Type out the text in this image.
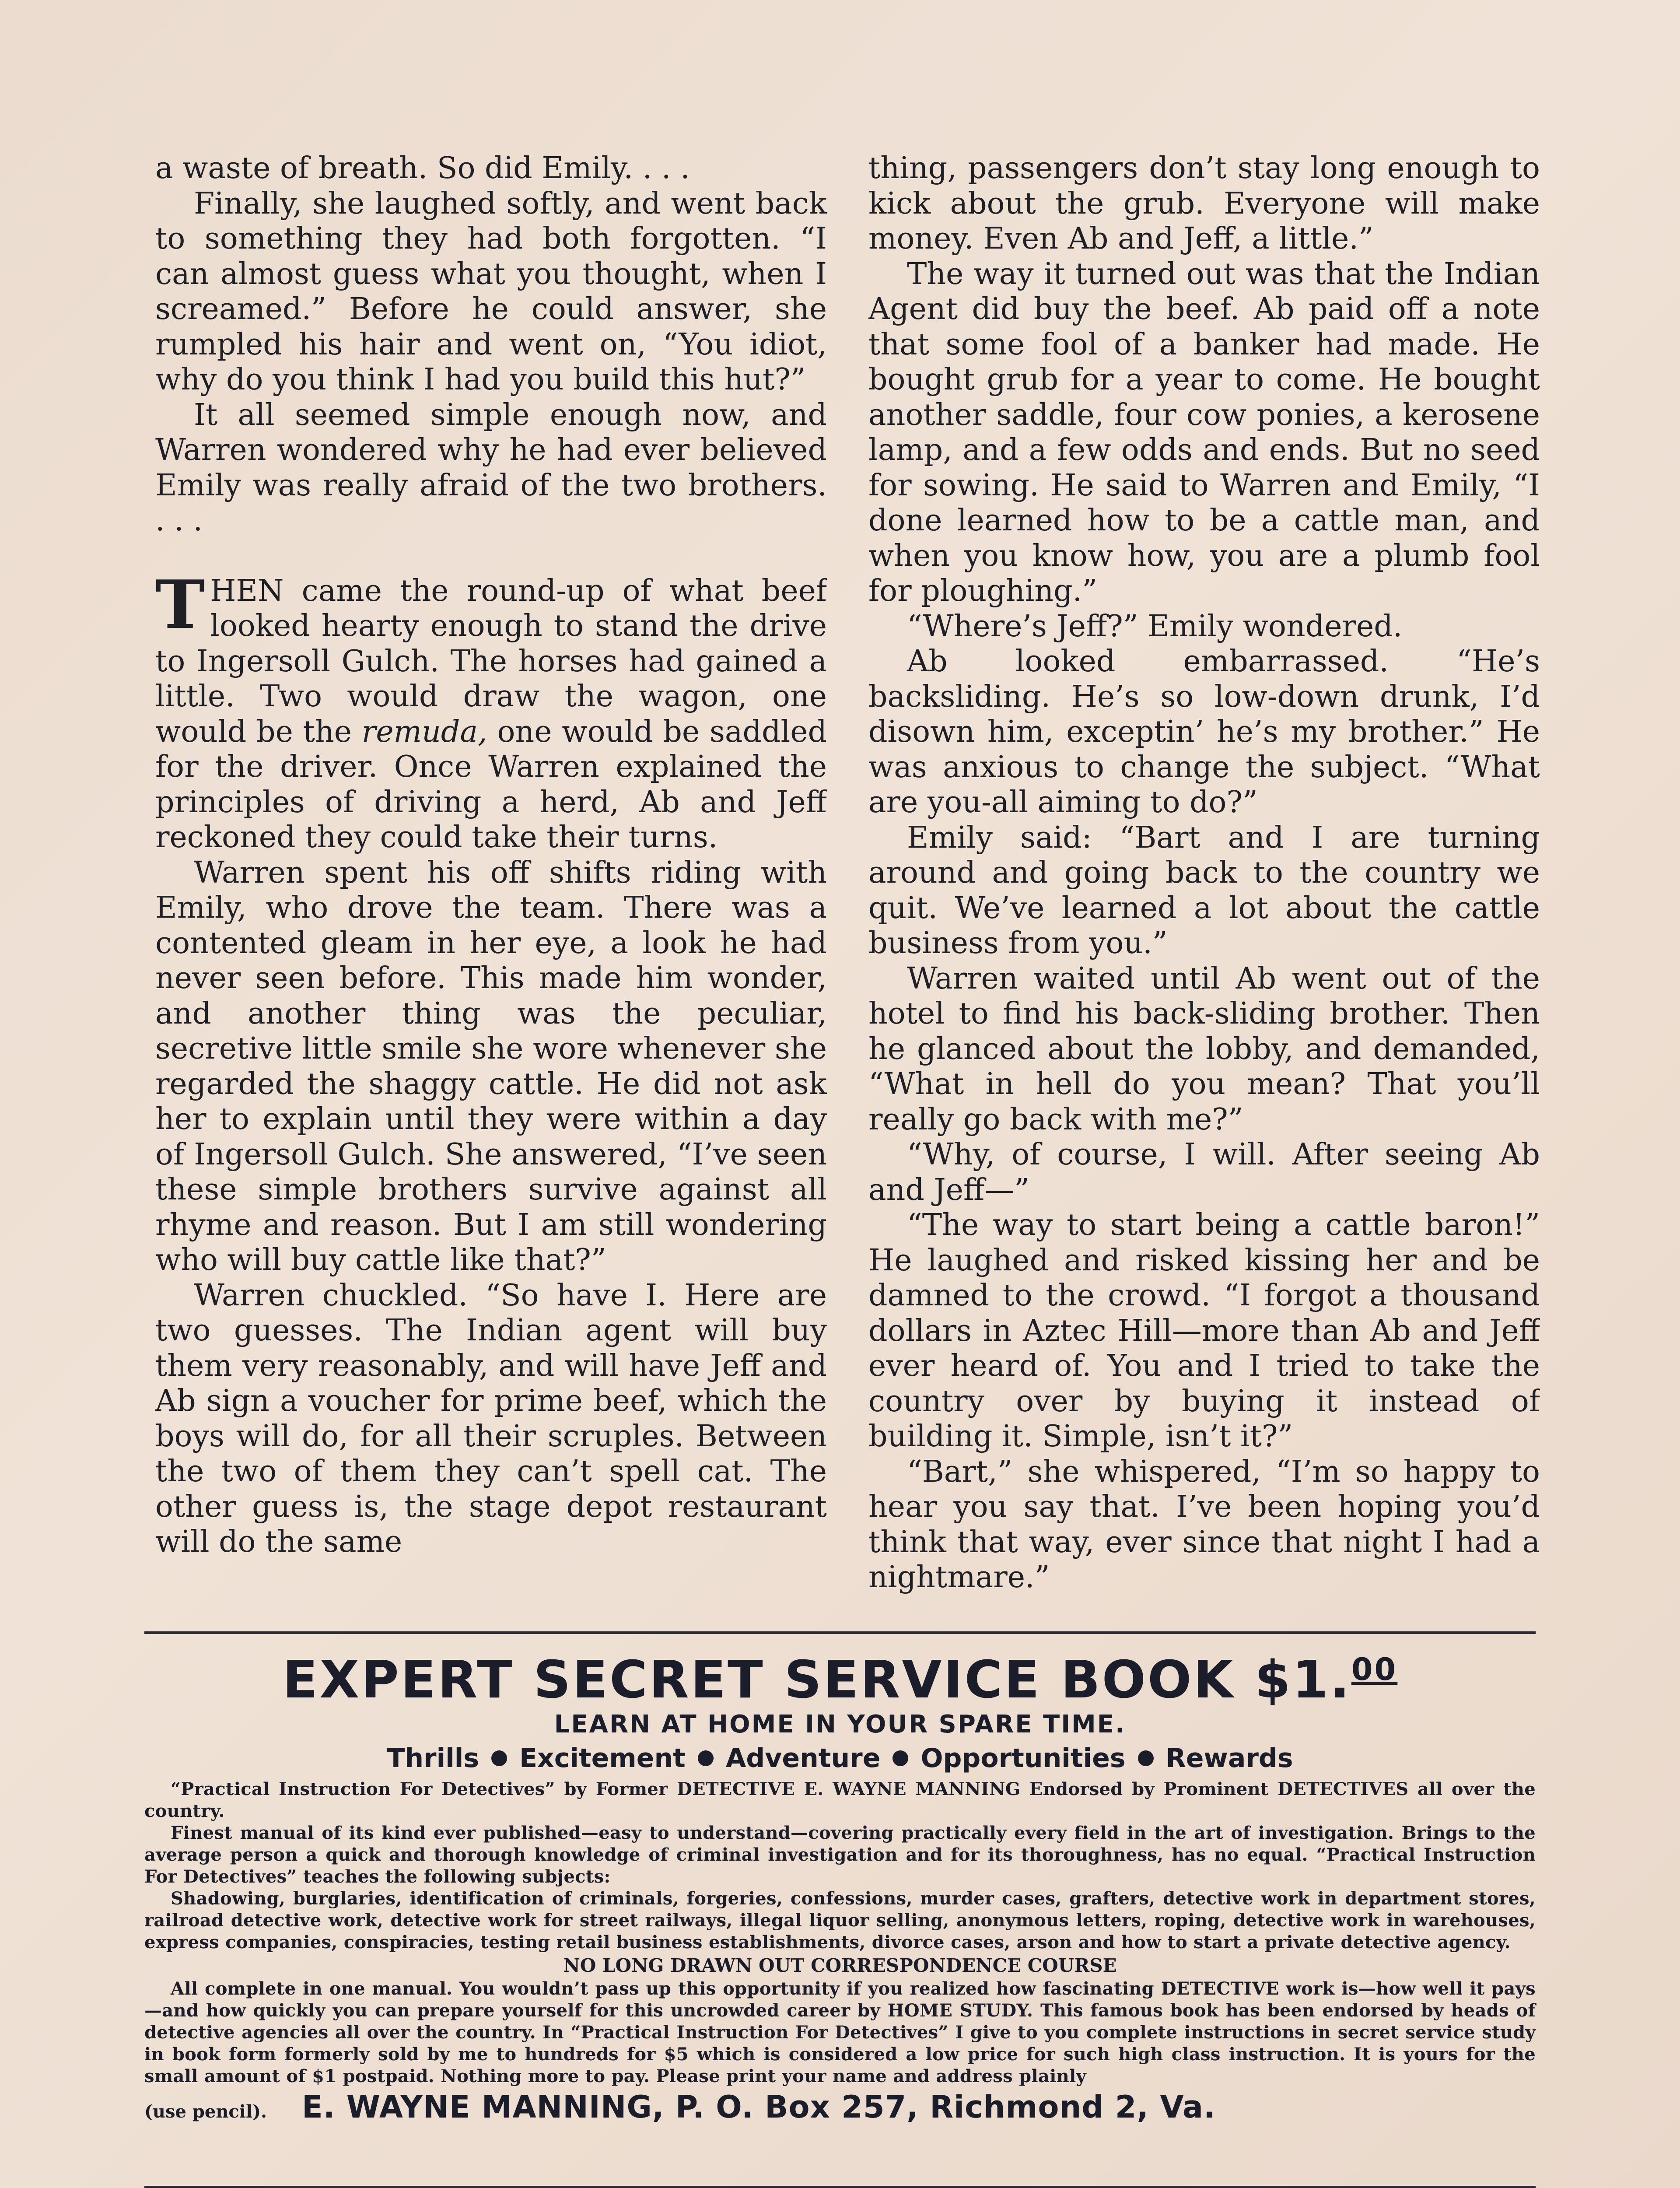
a waste of breath. So did Emily. . . .

Finally, she laughed softly, and went back to something they had both forgotten. “I can almost guess what you thought, when I screamed.” Before he could answer, she rumpled his hair and went on, “You idiot, why do you think I had you build this hut?”

It all seemed simple enough now, and Warren wondered why he had ever believed Emily was really afraid of the two brothers. . . .

THEN came the round-up of what beef looked hearty enough to stand the drive to Ingersoll Gulch. The horses had gained a little. Two would draw the wagon, one would be the remuda, one would be saddled for the driver. Once Warren explained the principles of driving a herd, Ab and Jeff reckoned they could take their turns.

Warren spent his off shifts riding with Emily, who drove the team. There was a contented gleam in her eye, a look he had never seen before. This made him wonder, and another thing was the peculiar, secretive little smile she wore whenever she regarded the shaggy cattle. He did not ask her to explain until they were within a day of Ingersoll Gulch. She answered, “I’ve seen these simple brothers survive against all rhyme and reason. But I am still wondering who will buy cattle like that?”

Warren chuckled. “So have I. Here are two guesses. The Indian agent will buy them very reasonably, and will have Jeff and Ab sign a voucher for prime beef, which the boys will do, for all their scruples. Between the two of them they can’t spell cat. The other guess is, the stage depot restaurant will do the same

thing, passengers don’t stay long enough to kick about the grub. Everyone will make money. Even Ab and Jeff, a little.”

The way it turned out was that the Indian Agent did buy the beef. Ab paid off a note that some fool of a banker had made. He bought grub for a year to come. He bought another saddle, four cow ponies, a kerosene lamp, and a few odds and ends. But no seed for sowing. He said to Warren and Emily, “I done learned how to be a cattle man, and when you know how, you are a plumb fool for ploughing.”

“Where’s Jeff?” Emily wondered.

Ab looked embarrassed. “He’s backsliding. He’s so low-down drunk, I’d disown him, exceptin’ he’s my brother.” He was anxious to change the subject. “What are you-all aiming to do?”

Emily said: “Bart and I are turning around and going back to the country we quit. We’ve learned a lot about the cattle business from you.”

Warren waited until Ab went out of the hotel to find his back-sliding brother. Then he glanced about the lobby, and demanded, “What in hell do you mean? That you’ll really go back with me?”

“Why, of course, I will. After seeing Ab and Jeff—”

“The way to start being a cattle baron!” He laughed and risked kissing her and be damned to the crowd. “I forgot a thousand dollars in Aztec Hill—more than Ab and Jeff ever heard of. You and I tried to take the country over by buying it instead of building it. Simple, isn’t it?”

“Bart,” she whispered, “I’m so happy to hear you say that. I’ve been hoping you’d think that way, ever since that night I had a nightmare.”

EXPERT SECRET SERVICE BOOK $1.00

LEARN AT HOME IN YOUR SPARE TIME.

Thrills Excitement Adventure Opportunities Rewards

“Practical Instruction For Detectives” by Former DETECTIVE E. WAYNE MANNING Endorsed by Prominent DETECTIVES all over the country.

Finest manual of its kind ever published—easy to understand—covering practically every field in the art of investigation. Brings to the average person a quick and thorough knowledge of criminal investigation and for its thoroughness, has no equal. “Practical Instruction For Detectives” teaches the following subjects:

Shadowing, burglaries, identification of criminals, forgeries, confessions, murder cases, grafters, detective work in department stores, railroad detective work, detective work for street railways, illegal liquor selling, anonymous letters, roping, detective work in warehouses, express companies, conspiracies, testing retail business establishments, divorce cases, arson and how to start a private detective agency.

NO LONG DRAWN OUT CORRESPONDENCE COURSE

All complete in one manual. You wouldn’t pass up this opportunity if you realized how fascinating DETECTIVE work is—how well it pays—and how quickly you can prepare yourself for this uncrowded career by HOME STUDY. This famous book has been endorsed by heads of detective agencies all over the country. In “Practical Instruction For Detectives” I give to you complete instructions in secret service study in book form formerly sold by me to hundreds for $5 which is considered a low price for such high class instruction. It is yours for the small amount of $1 postpaid. Nothing more to pay. Please print your name and address plainly

(use pencil). E. WAYNE MANNING, P. O. Box 257, Richmond 2, Va.
